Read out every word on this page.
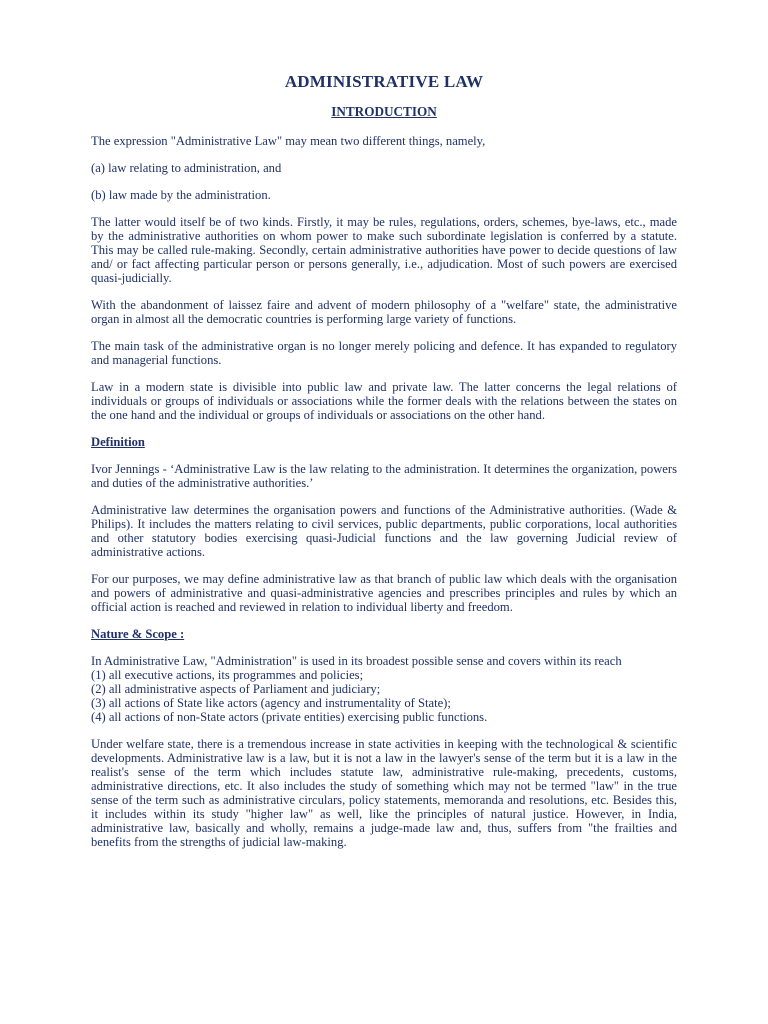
ADMINISTRATIVE LAW
INTRODUCTION

The expression "Administrative Law" may mean two different things, namely,

(a) law relating to administration, and

(b) law made by the administration.

The latter would itself be of two kinds. Firstly, it may be rules, regulations, orders, schemes, bye-laws, etc., made by the administrative authorities on whom power to make such subordinate legislation is conferred by a statute. This may be called rule-making. Secondly, certain administrative authorities have power to decide questions of law and/ or fact affecting particular person or persons generally, i.e., adjudication. Most of such powers are exercised quasi-judicially.

With the abandonment of laissez faire and advent of modern philosophy of a "welfare" state, the administrative organ in almost all the democratic countries is performing large variety of functions.

The main task of the administrative organ is no longer merely policing and defence. It has expanded to regulatory and managerial functions.

Law in a modern state is divisible into public law and private law. The latter concerns the legal relations of individuals or groups of individuals or associations while the former deals with the relations between the states on the one hand and the individual or groups of individuals or associations on the other hand.

Definition

Ivor Jennings - ‘Administrative Law is the law relating to the administration. It determines the organization, powers and duties of the administrative authorities.’

Administrative law determines the organisation powers and functions of the Administrative authorities. (Wade & Philips). It includes the matters relating to civil services, public departments, public corporations, local authorities and other statutory bodies exercising quasi-Judicial functions and the law governing Judicial review of administrative actions.

For our purposes, we may define administrative law as that branch of public law which deals with the organisation and powers of administrative and quasi-administrative agencies and prescribes principles and rules by which an official action is reached and reviewed in relation to individual liberty and freedom.

Nature & Scope :

In Administrative Law, "Administration" is used in its broadest possible sense and covers within its reach

(1) all executive actions, its programmes and policies;

(2) all administrative aspects of Parliament and judiciary;

(3) all actions of State like actors (agency and instrumentality of State);

(4) all actions of non-State actors (private entities) exercising public functions.

Under welfare state, there is a tremendous increase in state activities in keeping with the technological & scientific developments. Administrative law is a law, but it is not a law in the lawyer's sense of the term but it is a law in the realist's sense of the term which includes statute law, administrative rule-making, precedents, customs, administrative directions, etc. It also includes the study of something which may not be termed "law" in the true sense of the term such as administrative circulars, policy statements, memoranda and resolutions, etc. Besides this, it includes within its study "higher law" as well, like the principles of natural justice. However, in India, administrative law, basically and wholly, remains a judge-made law and, thus, suffers from "the frailties and benefits from the strengths of judicial law-making.
